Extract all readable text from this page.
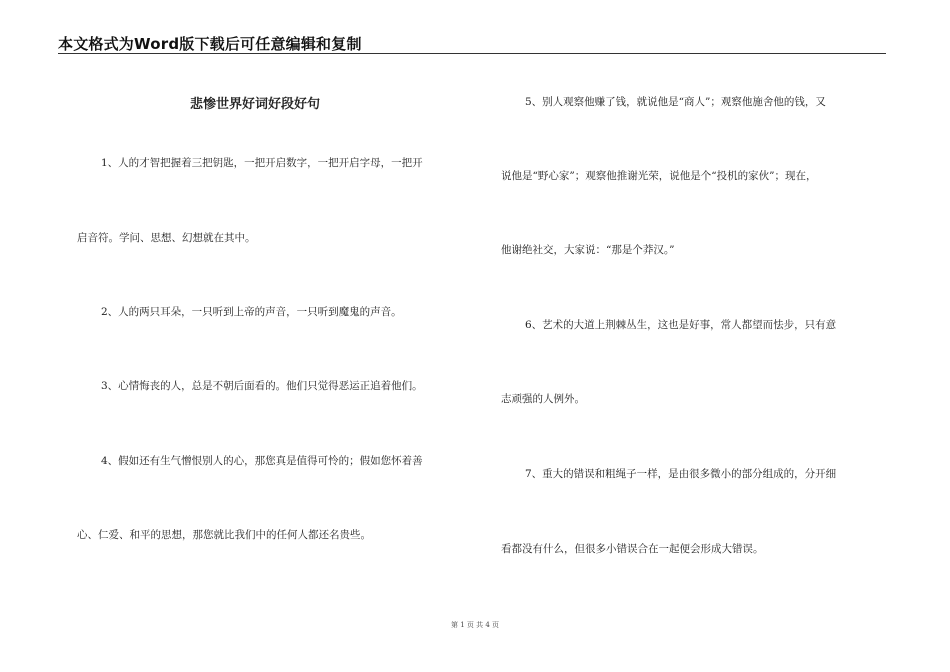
本文格式为Word版下载后可任意编辑和复制
悲惨世界好词好段好句
1、人的才智把握着三把钥匙，一把开启数字，一把开启字母，一把开
启音符。学问、思想、幻想就在其中。
2、人的两只耳朵，一只听到上帝的声音，一只听到魔鬼的声音。
3、心情悔丧的人，总是不朝后面看的。他们只觉得恶运正追着他们。
4、假如还有生气憎恨别人的心，那您真是值得可怜的；假如您怀着善
心、仁爱、和平的思想，那您就比我们中的任何人都还名贵些。
5、别人观察他赚了钱，就说他是“商人”；观察他施舍他的钱，又
说他是“野心家”；观察他推谢光荣，说他是个“投机的家伙”；现在，
他谢绝社交，大家说：“那是个莽汉。”
6、艺术的大道上荆棘丛生，这也是好事，常人都望而怯步，只有意
志顽强的人例外。
7、重大的错误和粗绳子一样，是由很多微小的部分组成的，分开细
看都没有什么，但很多小错误合在一起便会形成大错误。
第 1 页 共 4 页
